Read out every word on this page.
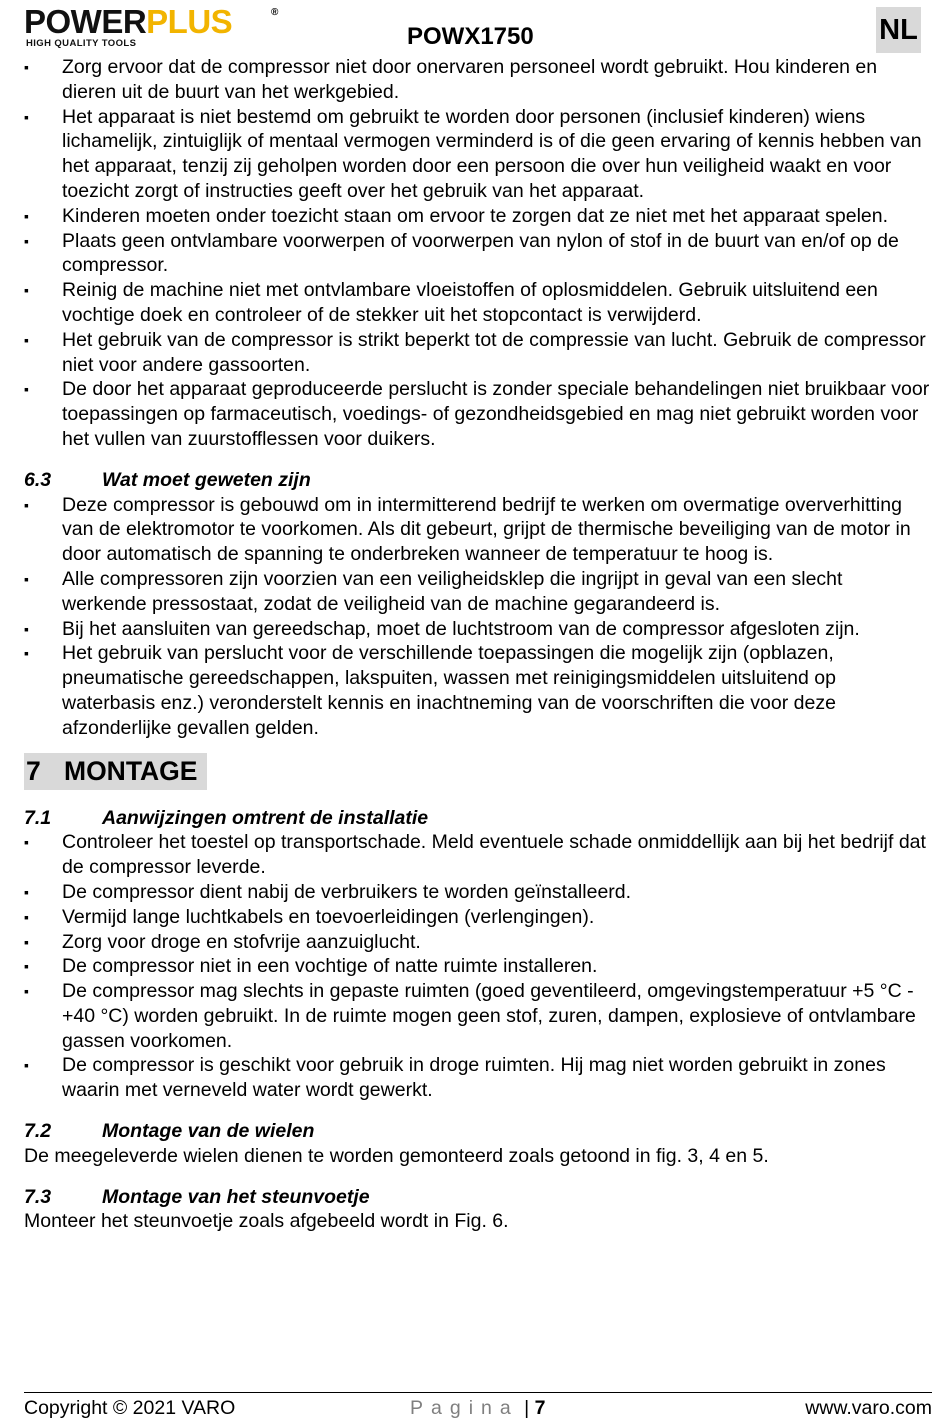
POWERPLUS	®
HIGH QUALITY TOOLS	POWX1750	NL
▪ Zorg ervoor dat de compressor niet door onervaren personeel wordt gebruikt. Hou kinderen en dieren uit de buurt van het werkgebied.
▪ Het apparaat is niet bestemd om gebruikt te worden door personen (inclusief kinderen) wiens lichamelijk, zintuiglijk of mentaal vermogen verminderd is of die geen ervaring of kennis hebben van het apparaat, tenzij zij geholpen worden door een persoon die over hun veiligheid waakt en voor toezicht zorgt of instructies geeft over het gebruik van het apparaat.
▪ Kinderen moeten onder toezicht staan om ervoor te zorgen dat ze niet met het apparaat spelen.
▪ Plaats geen ontvlambare voorwerpen of voorwerpen van nylon of stof in de buurt van en/of op de compressor.
▪ Reinig de machine niet met ontvlambare vloeistoffen of oplosmiddelen. Gebruik uitsluitend een vochtige doek en controleer of de stekker uit het stopcontact is verwijderd.
▪ Het gebruik van de compressor is strikt beperkt tot de compressie van lucht. Gebruik de compressor niet voor andere gassoorten.
▪ De door het apparaat geproduceerde perslucht is zonder speciale behandelingen niet bruikbaar voor toepassingen op farmaceutisch, voedings- of gezondheidsgebied en mag niet gebruikt worden voor het vullen van zuurstofflessen voor duikers.
6.3	Wat moet geweten zijn
▪ Deze compressor is gebouwd om in intermitterend bedrijf te werken om overmatige oververhitting van de elektromotor te voorkomen. Als dit gebeurt, grijpt de thermische beveiliging van de motor in door automatisch de spanning te onderbreken wanneer de temperatuur te hoog is.
▪ Alle compressoren zijn voorzien van een veiligheidsklep die ingrijpt in geval van een slecht werkende pressostaat, zodat de veiligheid van de machine gegarandeerd is.
▪ Bij het aansluiten van gereedschap, moet de luchtstroom van de compressor afgesloten zijn.
▪ Het gebruik van perslucht voor de verschillende toepassingen die mogelijk zijn (opblazen, pneumatische gereedschappen, lakspuiten, wassen met reinigingsmiddelen uitsluitend op waterbasis enz.) veronderstelt kennis en inachtneming van de voorschriften die voor deze afzonderlijke gevallen gelden.
7 MONTAGE
7.1	Aanwijzingen omtrent de installatie
▪ Controleer het toestel op transportschade. Meld eventuele schade onmiddellijk aan bij het bedrijf dat de compressor leverde.
▪ De compressor dient nabij de verbruikers te worden geïnstalleerd.
▪ Vermijd lange luchtkabels en toevoerleidingen (verlengingen).
▪ Zorg voor droge en stofvrije aanzuiglucht.
▪ De compressor niet in een vochtige of natte ruimte installeren.
▪ De compressor mag slechts in gepaste ruimten (goed geventileerd, omgevingstemperatuur +5 °C - +40 °C) worden gebruikt. In de ruimte mogen geen stof, zuren, dampen, explosieve of ontvlambare gassen voorkomen.
▪ De compressor is geschikt voor gebruik in droge ruimten. Hij mag niet worden gebruikt in zones waarin met verneveld water wordt gewerkt.
7.2	Montage van de wielen

De meegeleverde wielen dienen te worden gemonteerd zoals getoond in fig. 3, 4 en 5.

7.3	Montage van het steunvoetje

Monteer het steunvoetje zoals afgebeeld wordt in Fig. 6.

Copyright © 2021 VARO	Pagina | 7	www.varo.com
